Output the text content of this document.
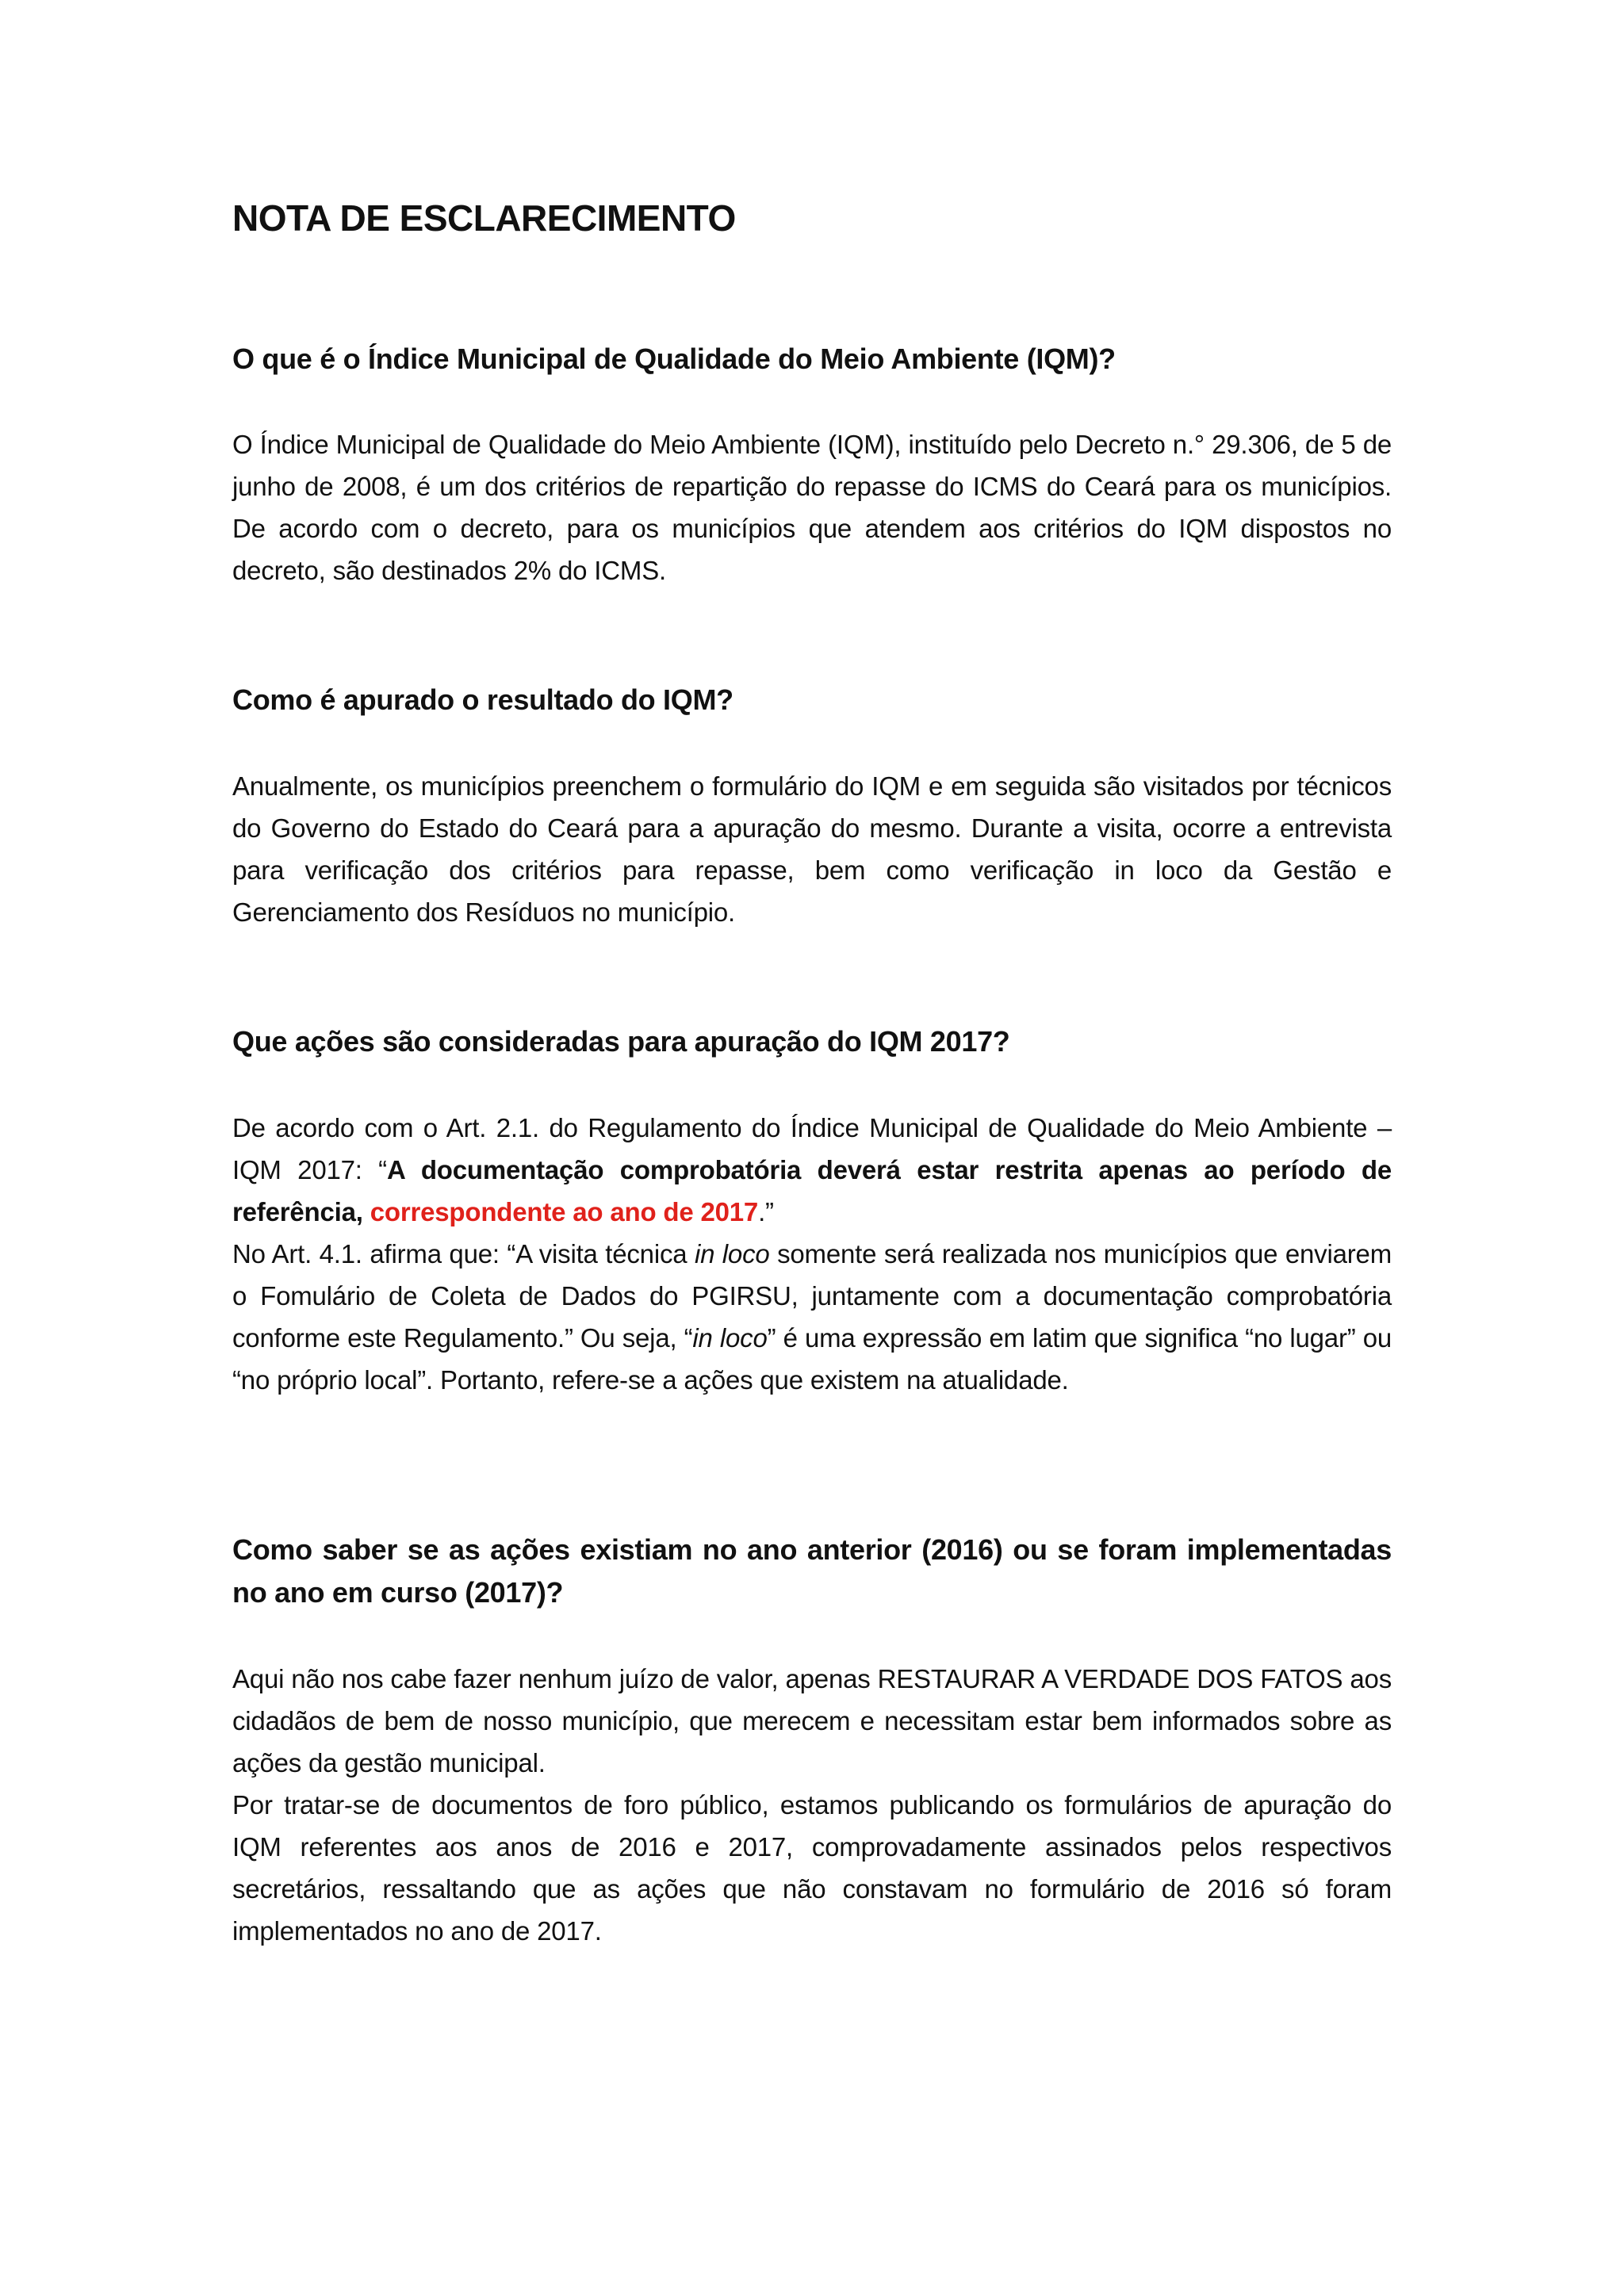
NOTA DE ESCLARECIMENTO
O que é o Índice Municipal de Qualidade do Meio Ambiente (IQM)?

O Índice Municipal de Qualidade do Meio Ambiente (IQM), instituído pelo Decreto n.° 29.306, de 5 de junho de 2008, é um dos critérios de repartição do repasse do ICMS do Ceará para os municípios. De acordo com o decreto, para os municípios que atendem aos critérios do IQM dispostos no decreto, são destinados 2% do ICMS.

Como é apurado o resultado do IQM?

Anualmente, os municípios preenchem o formulário do IQM e em seguida são visitados por técnicos do Governo do Estado do Ceará para a apuração do mesmo. Durante a visita, ocorre a entrevista para verificação dos critérios para repasse, bem como verificação in loco da Gestão e Gerenciamento dos Resíduos no município.

Que ações são consideradas para apuração do IQM 2017?

De acordo com o Art. 2.1. do Regulamento do Índice Municipal de Qualidade do Meio Ambiente – IQM 2017: “A documentação comprobatória deverá estar restrita apenas ao período de referência, correspondente ao ano de 2017.”

No Art. 4.1. afirma que: “A visita técnica in loco somente será realizada nos municípios que enviarem o Fomulário de Coleta de Dados do PGIRSU, juntamente com a documentação comprobatória conforme este Regulamento.” Ou seja, “in loco” é uma expressão em latim que significa “no lugar” ou “no próprio local”. Portanto, refere-se a ações que existem na atualidade.

Como saber se as ações existiam no ano anterior (2016) ou se foram implementadas no ano em curso (2017)?

Aqui não nos cabe fazer nenhum juízo de valor, apenas RESTAURAR A VERDADE DOS FATOS aos cidadãos de bem de nosso município, que merecem e necessitam estar bem informados sobre as ações da gestão municipal.

Por tratar-se de documentos de foro público, estamos publicando os formulários de apuração do IQM referentes aos anos de 2016 e 2017, comprovadamente assinados pelos respectivos secretários, ressaltando que as ações que não constavam no formulário de 2016 só foram implementados no ano de 2017.
